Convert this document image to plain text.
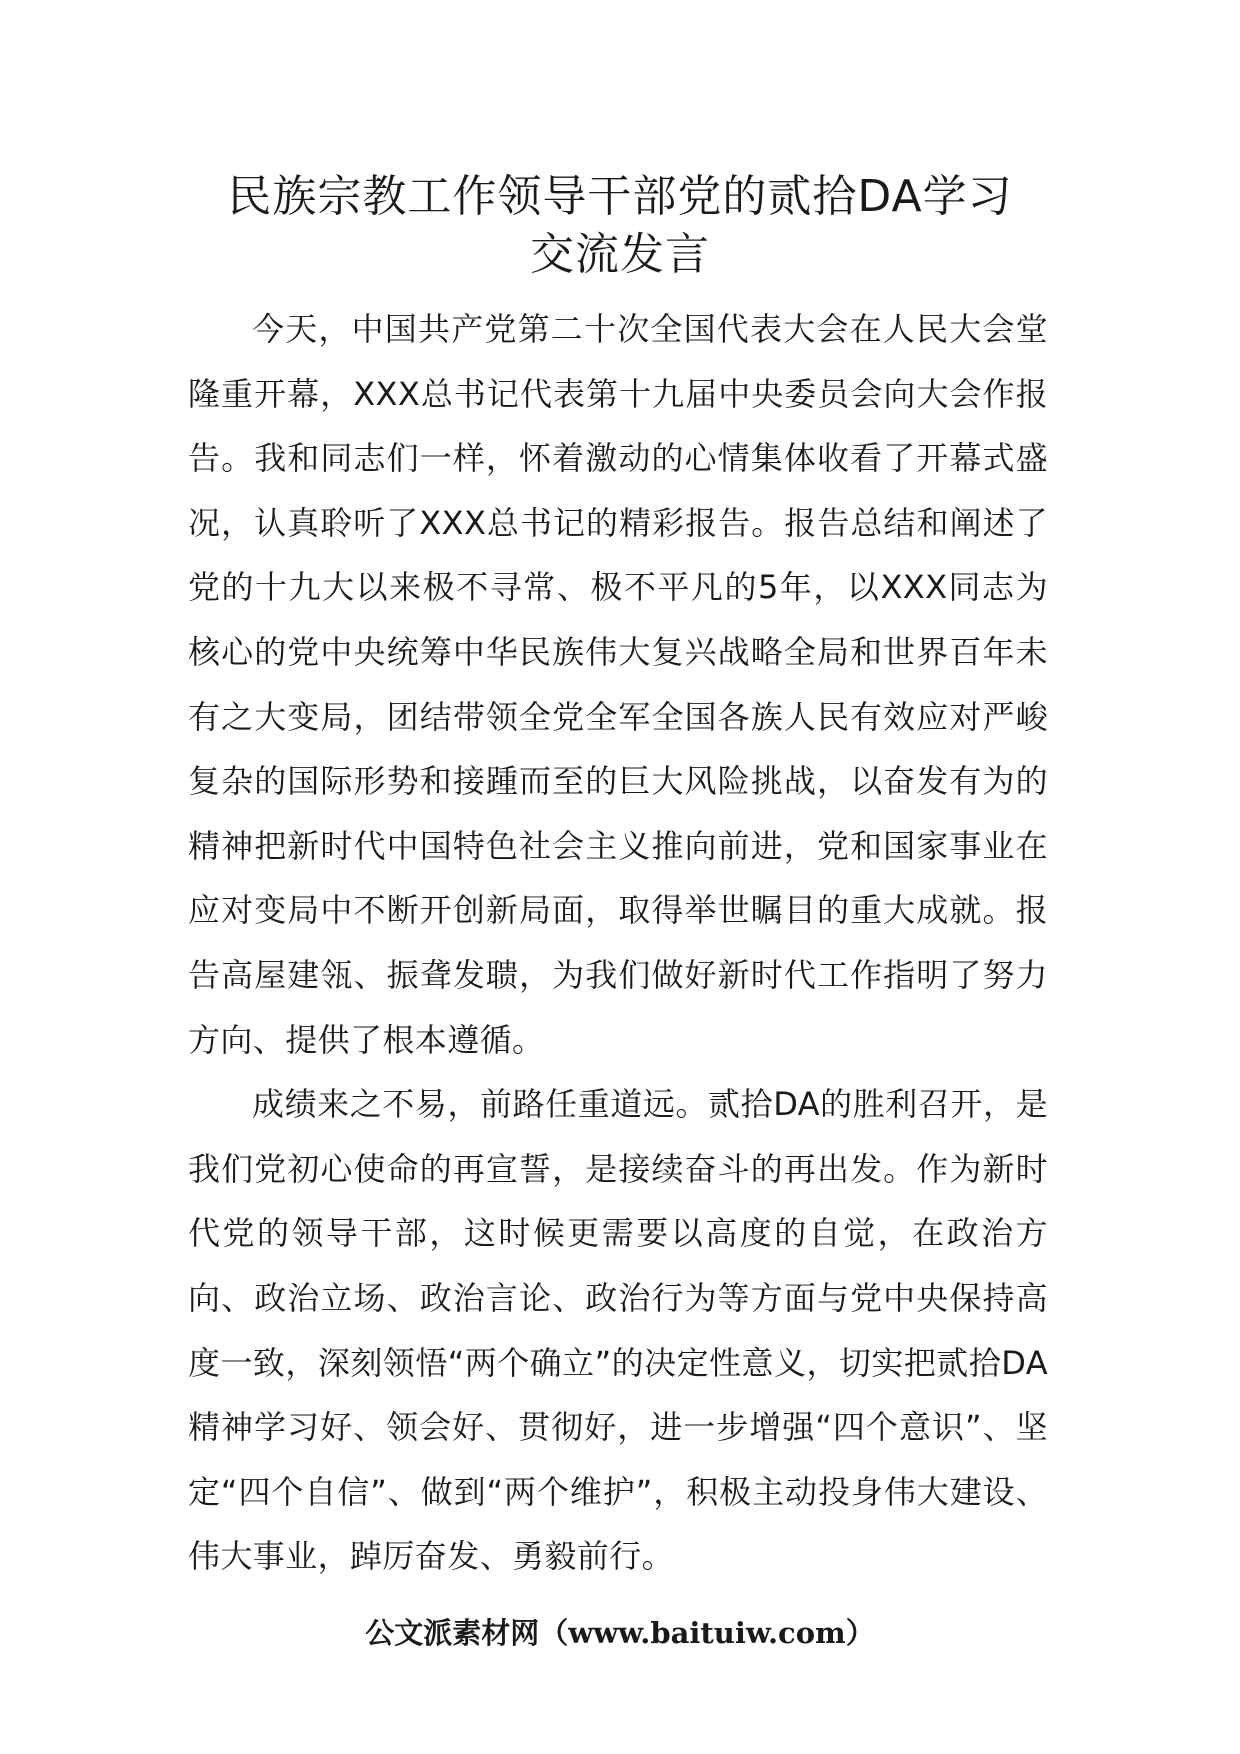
民族宗教工作领导干部党的贰拾DA学习
交流发言

今天，中国共产党第二十次全国代表大会在人民大会堂隆重开幕，XXX总书记代表第十九届中央委员会向大会作报告。我和同志们一样，怀着激动的心情集体收看了开幕式盛况，认真聆听了XXX总书记的精彩报告。报告总结和阐述了党的十九大以来极不寻常、极不平凡的5年，以XXX同志为核心的党中央统筹中华民族伟大复兴战略全局和世界百年未有之大变局，团结带领全党全军全国各族人民有效应对严峻复杂的国际形势和接踵而至的巨大风险挑战，以奋发有为的精神把新时代中国特色社会主义推向前进，党和国家事业在应对变局中不断开创新局面，取得举世瞩目的重大成就。报告高屋建瓴、振聋发聩，为我们做好新时代工作指明了努力方向、提供了根本遵循。

成绩来之不易，前路任重道远。贰拾DA的胜利召开，是我们党初心使命的再宣誓，是接续奋斗的再出发。作为新时代党的领导干部，这时候更需要以高度的自觉，在政治方向、政治立场、政治言论、政治行为等方面与党中央保持高度一致，深刻领悟“两个确立”的决定性意义，切实把贰拾DA精神学习好、领会好、贯彻好，进一步增强“四个意识”、坚定“四个自信”、做到“两个维护”，积极主动投身伟大建设、伟大事业，踔厉奋发、勇毅前行。

公文派素材网（www.baituiw.com）
